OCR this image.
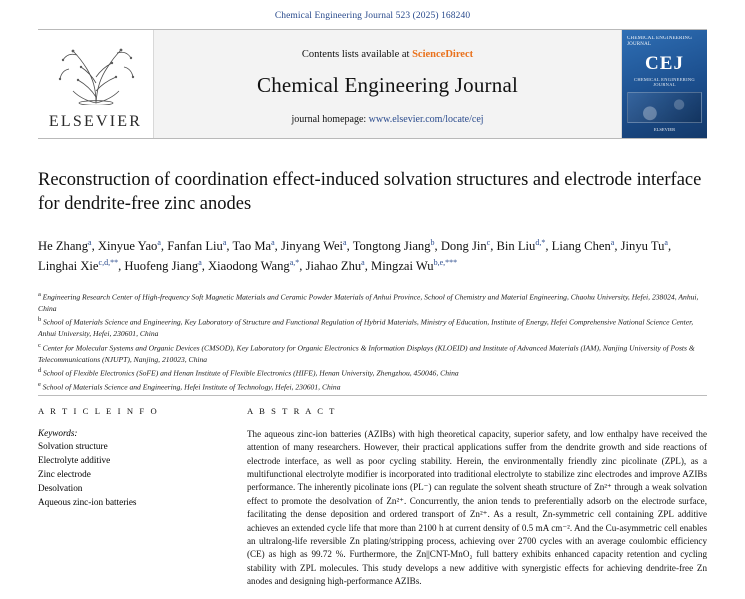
Chemical Engineering Journal 523 (2025) 168240
ELSEVIER
Contents lists available at ScienceDirect
Chemical Engineering Journal
journal homepage: www.elsevier.com/locate/cej
CHEMICAL ENGINEERING JOURNAL
CEJ
CHEMICAL ENGINEERING JOURNAL
ELSEVIER
Reconstruction of coordination effect-induced solvation structures and electrode interface for dendrite-free zinc anodes
He Zhang$^a$, Xinyue Yao$^a$, Fanfan Liu$^a$, Tao Ma$^a$, Jinyang Wei$^a$, Tongtong Jiang$^b$, Dong Jin$^c$, Bin Liu$^{d,*}$, Liang Chen$^a$, Jinyu Tu$^a$, Linghai Xie$^{c,d,**}$, Huofeng Jiang$^a$, Xiaodong Wang$^{a,*}$, Jiahao Zhu$^a$, Mingzai $Wu^{b,e,***}$

a Engineering Research Center of High-frequency Soft Magnetic Materials and Ceramic Powder Materials of Anhui Province, School of Chemistry and Material Engineering, Chaohu University, Hefei, 238024, Anhui, China

b School of Materials Science and Engineering, Key Laboratory of Structure and Functional Regulation of Hybrid Materials, Ministry of Education, Institute of Energy, Hefei Comprehensive National Science Center, Anhui University, Hefei, 230601, China

c Center for Molecular Systems and Organic Devices (CMSOD), Key Laboratory for Organic Electronics & Information Displays (KLOEID) and Institute of Advanced Materials (IAM), Nanjing University of Posts & Telecommunications (NJUPT), Nanjing, 210023, China

d School of Flexible Electronics (SoFE) and Henan Institute of Flexible Electronics (HIFE), Henan University, Zhengzhou, 450046, China

e School of Materials Science and Engineering, Hefei Institute of Technology, Hefei, 230601, China

A R T I C L E I N F O
Keywords:
Solvation structure
Electrolyte additive
Zinc electrode
Desolvation
Aqueous zinc-ion batteries
A B S T R A C T
The aqueous zinc-ion batteries (AZIBs) with high theoretical capacity, superior safety, and low enthalpy have received the attention of many researchers. However, their practical applications suffer from the dendrite growth and side reactions of electrode interface, as well as poor cycling stability. Herein, the environmentally friendly zinc picolinate (ZPL), as a multifunctional electrolyte modifier is incorporated into traditional electrolyte to stabilize zinc electrodes and improve AZIBs performance. The inherently picolinate ions (PL⁻) can regulate the solvent sheath structure of Zn²⁺ through a weak solvation effect to promote the desolvation of Zn²⁺. Concurrently, the anion tends to preferentially adsorb on the electrode surface, facilitating the dense deposition and ordered transport of Zn²⁺. As a result, Zn-symmetric cell containing ZPL additive achieves an extended cycle life that more than 2100 h at current density of 0.5 mA cm⁻². And the Cu-asymmetric cell enables an ultralong-life reversible Zn plating/stripping process, achieving over 2700 cycles with an average coulombic efficiency (CE) as high as 99.72 %. Furthermore, the Zn||CNT-MnO₂ full battery exhibits enhanced capacity retention and cycling stability with ZPL molecules. This study develops a new additive with synergistic effects for achieving dendrite-free Zn anodes and designing high-performance AZIBs.
